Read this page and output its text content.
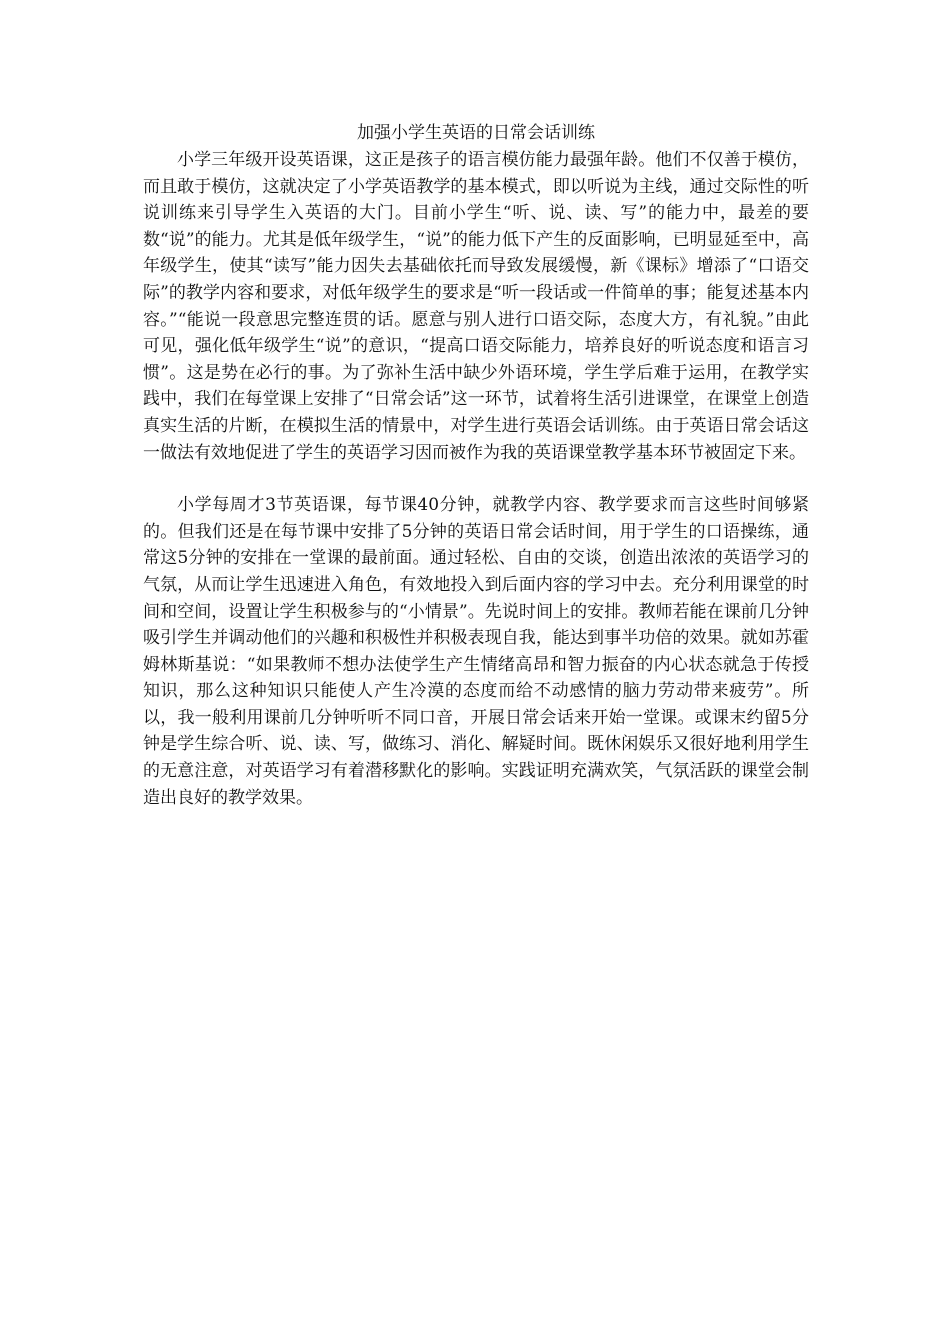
加强小学生英语的日常会话训练

小学三年级开设英语课，这正是孩子的语言模仿能力最强年龄。他们不仅善于模仿，而且敢于模仿，这就决定了小学英语教学的基本模式，即以听说为主线，通过交际性的听说训练来引导学生入英语的大门。目前小学生“听、说、读、写”的能力中，最差的要数“说”的能力。尤其是低年级学生，“说”的能力低下产生的反面影响，已明显延至中，高年级学生，使其“读写”能力因失去基础依托而导致发展缓慢，新《课标》增添了“口语交际”的教学内容和要求，对低年级学生的要求是“听一段话或一件简单的事；能复述基本内容。”“能说一段意思完整连贯的话。愿意与别人进行口语交际，态度大方，有礼貌。”由此可见，强化低年级学生“说”的意识，“提高口语交际能力，培养良好的听说态度和语言习惯”。这是势在必行的事。为了弥补生活中缺少外语环境，学生学后难于运用，在教学实践中，我们在每堂课上安排了“日常会话”这一环节，试着将生活引进课堂，在课堂上创造真实生活的片断，在模拟生活的情景中，对学生进行英语会话训练。由于英语日常会话这一做法有效地促进了学生的英语学习因而被作为我的英语课堂教学基本环节被固定下来。

小学每周才3节英语课，每节课40分钟，就教学内容、教学要求而言这些时间够紧的。但我们还是在每节课中安排了5分钟的英语日常会话时间，用于学生的口语操练，通常这5分钟的安排在一堂课的最前面。通过轻松、自由的交谈，创造出浓浓的英语学习的气氛，从而让学生迅速进入角色，有效地投入到后面内容的学习中去。充分利用课堂的时间和空间，设置让学生积极参与的“小情景”。先说时间上的安排。教师若能在课前几分钟吸引学生并调动他们的兴趣和积极性并积极表现自我，能达到事半功倍的效果。就如苏霍姆林斯基说：“如果教师不想办法使学生产生情绪高昂和智力振奋的内心状态就急于传授知识，那么这种知识只能使人产生冷漠的态度而给不动感情的脑力劳动带来疲劳”。所以，我一般利用课前几分钟听听不同口音，开展日常会话来开始一堂课。或课末约留5分钟是学生综合听、说、读、写，做练习、消化、解疑时间。既休闲娱乐又很好地利用学生的无意注意，对英语学习有着潜移默化的影响。实践证明充满欢笑，气氛活跃的课堂会制造出良好的教学效果。
